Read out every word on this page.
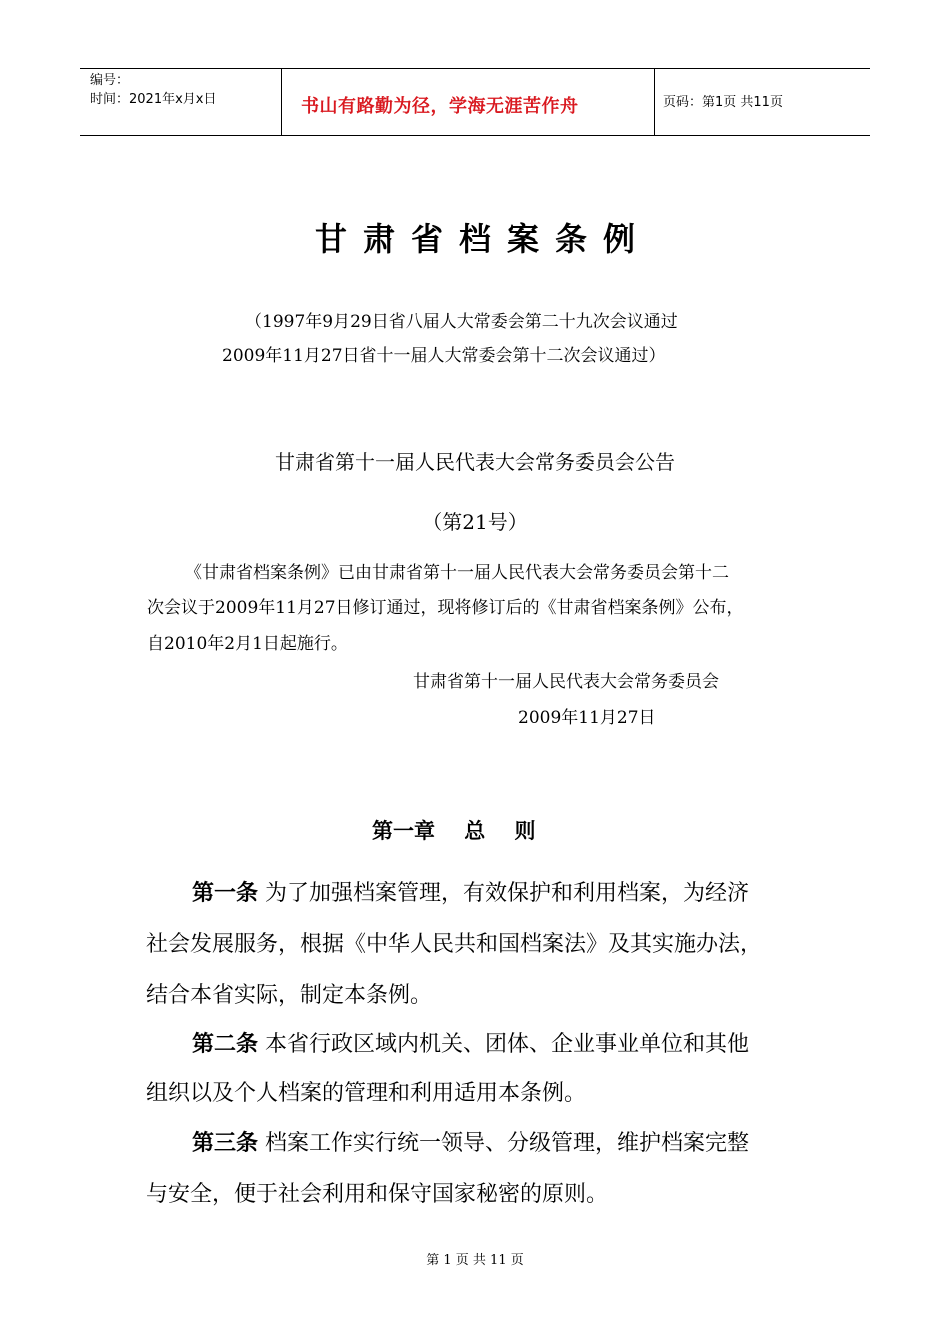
编号：
时间：2021年x月x日	书山有路勤为径，学海无涯苦作舟	页码：第1页 共11页
甘肃省档案条例
（1997年9月29日省八届人大常委会第二十九次会议通过
2009年11月27日省十一届人大常委会第十二次会议通过）
甘肃省第十一届人民代表大会常务委员会公告
（第21号）
《甘肃省档案条例》已由甘肃省第十一届人民代表大会常务委员会第十二
次会议于2009年11月27日修订通过，现将修订后的《甘肃省档案条例》公布，
自2010年2月1日起施行。
甘肃省第十一届人民代表大会常务委员会
2009年11月27日
第一章    总    则
第一条 为了加强档案管理，有效保护和利用档案，为经济
社会发展服务，根据《中华人民共和国档案法》及其实施办法，
结合本省实际，制定本条例。
第二条 本省行政区域内机关、团体、企业事业单位和其他
组织以及个人档案的管理和利用适用本条例。
第三条 档案工作实行统一领导、分级管理，维护档案完整
与安全，便于社会利用和保守国家秘密的原则。
第 1 页 共 11 页
